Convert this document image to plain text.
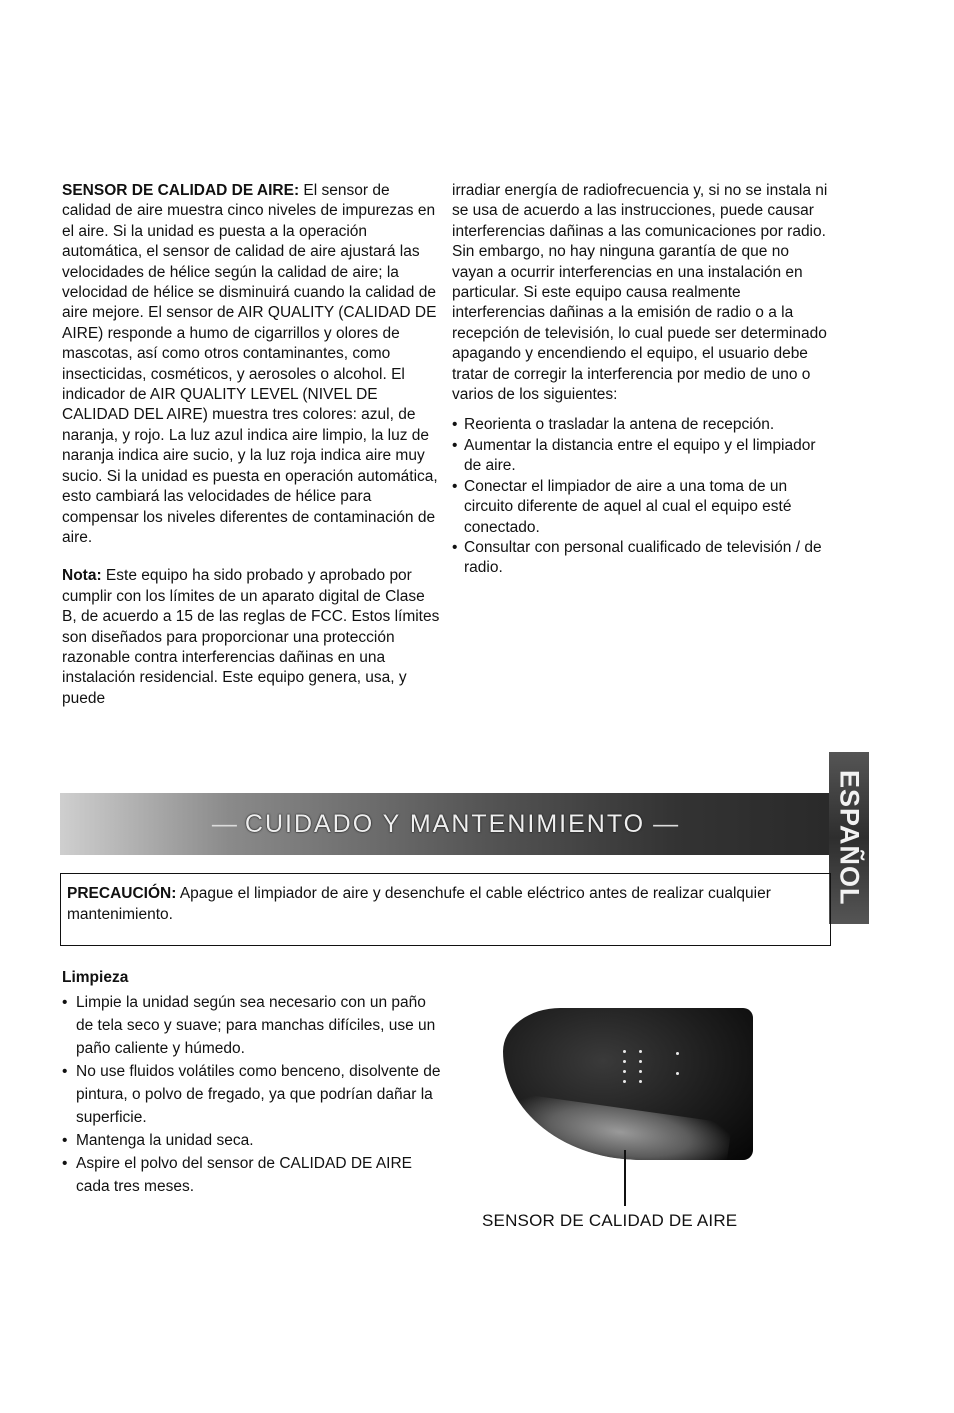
SENSOR DE CALIDAD DE AIRE: El sensor de calidad de aire muestra cinco niveles de impurezas en el aire. Si la unidad es puesta a la operación automática, el sensor de calidad de aire ajustará las velocidades de hélice según la calidad de aire; la velocidad de hélice se disminuirá cuando la calidad de aire mejore. El sensor de AIR QUALITY (CALIDAD DE AIRE) responde a humo de cigarrillos y olores de mascotas, así como otros contaminantes, como insecticidas, cosméticos, y aerosoles o alcohol. El indicador de AIR QUALITY LEVEL (NIVEL DE CALIDAD DEL AIRE) muestra tres colores: azul, de naranja, y rojo. La luz azul indica aire limpio, la luz de naranja indica aire sucio, y la luz roja indica aire muy sucio. Si la unidad es puesta en operación automática, esto cambiará las velocidades de hélice para compensar los niveles diferentes de contaminación de aire.

Nota: Este equipo ha sido probado y aprobado por cumplir con los límites de un aparato digital de Clase B, de acuerdo a 15 de las reglas de FCC. Estos límites son diseñados para proporcionar una protección razonable contra interferencias dañinas en una instalación residencial. Este equipo genera, usa, y puede

irradiar energía de radiofrecuencia y, si no se instala ni se usa de acuerdo a las instrucciones, puede causar interferencias dañinas a las comunicaciones por radio. Sin embargo, no hay ninguna garantía de que no vayan a ocurrir interferencias en una instalación en particular. Si este equipo causa realmente interferencias dañinas a la emisión de radio o a la recepción de televisión, lo cual puede ser determinado apagando y encendiendo el equipo, el usuario debe tratar de corregir la interferencia por medio de uno o varios de los siguientes:

• Reorienta o trasladar la antena de recepción.
• Aumentar la distancia entre el equipo y el limpiador de aire.
• Conectar el limpiador de aire a una toma de un circuito diferente de aquel al cual el equipo esté conectado.
• Consultar con personal cualificado de televisión / de radio.
— CUIDADO Y MANTENIMIENTO —	ESPAÑOL
PRECAUCIÓN: Apague el limpiador de aire y desenchufe el cable eléctrico antes de realizar cualquier mantenimiento.
Limpieza
• Limpie la unidad según sea necesario con un paño de tela seco y suave; para manchas difíciles, use un paño caliente y húmedo.
• No use fluidos volátiles como benceno, disolvente de pintura, o polvo de fregado, ya que podrían dañar la superficie.
• Mantenga la unidad seca.
• Aspire el polvo del sensor de CALIDAD DE AIRE cada tres meses.
SENSOR DE CALIDAD DE AIRE
